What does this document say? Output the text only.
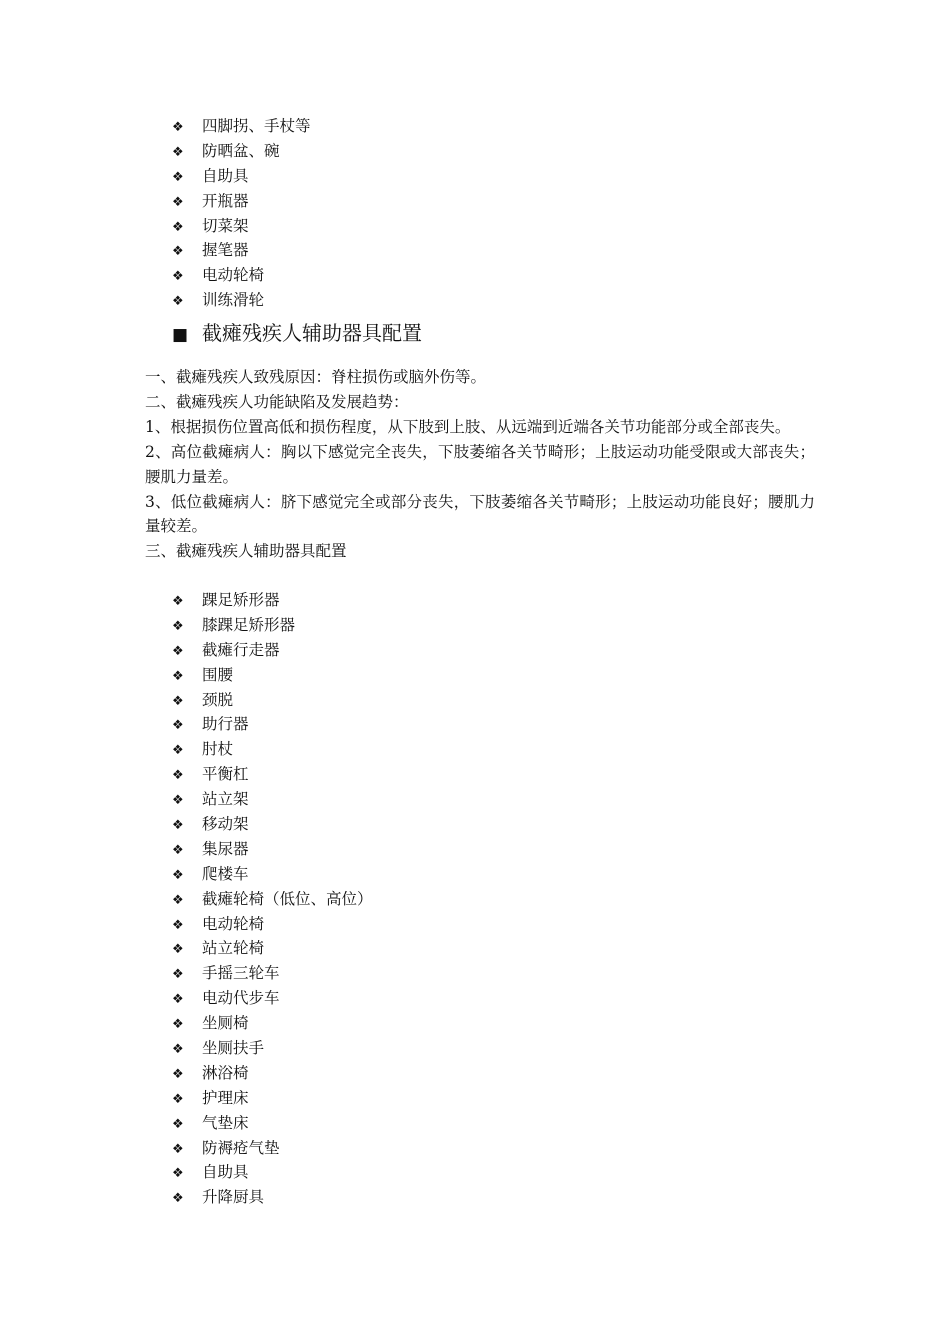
❖ 四脚拐、手杖等
❖ 防晒盆、碗
❖ 自助具
❖ 开瓶器
❖ 切菜架
❖ 握笔器
❖ 电动轮椅
❖ 训练滑轮
■ 截瘫残疾人辅助器具配置

一、截瘫残疾人致残原因：脊柱损伤或脑外伤等。

二、截瘫残疾人功能缺陷及发展趋势：

1、根据损伤位置高低和损伤程度，从下肢到上肢、从远端到近端各关节功能部分或全部丧失。

2、高位截瘫病人：胸以下感觉完全丧失，下肢萎缩各关节畸形；上肢运动功能受限或大部丧失；腰肌力量差。

3、低位截瘫病人：脐下感觉完全或部分丧失，下肢萎缩各关节畸形；上肢运动功能良好；腰肌力量较差。

三、截瘫残疾人辅助器具配置

❖ 踝足矫形器
❖ 膝踝足矫形器
❖ 截瘫行走器
❖ 围腰
❖ 颈脱
❖ 助行器
❖ 肘杖
❖ 平衡杠
❖ 站立架
❖ 移动架
❖ 集尿器
❖ 爬楼车
❖ 截瘫轮椅（低位、高位）
❖ 电动轮椅
❖ 站立轮椅
❖ 手摇三轮车
❖ 电动代步车
❖ 坐厕椅
❖ 坐厕扶手
❖ 淋浴椅
❖ 护理床
❖ 气垫床
❖ 防褥疮气垫
❖ 自助具
❖ 升降厨具
